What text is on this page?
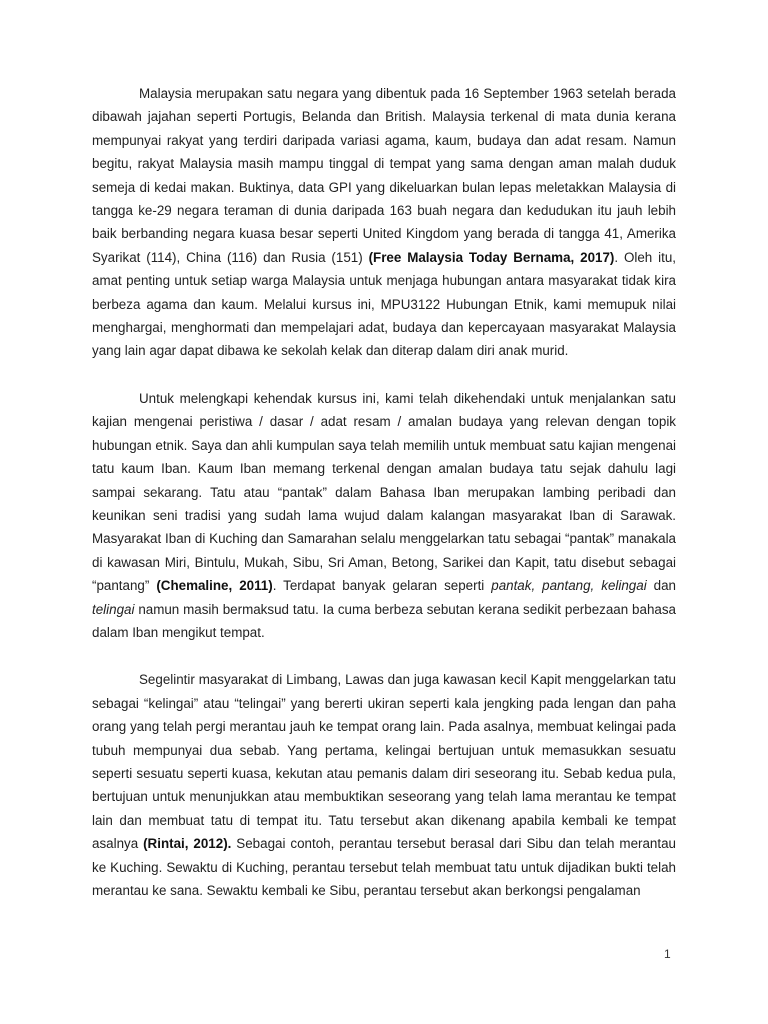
Malaysia merupakan satu negara yang dibentuk pada 16 September 1963 setelah berada dibawah jajahan seperti Portugis, Belanda dan British. Malaysia terkenal di mata dunia kerana mempunyai rakyat yang terdiri daripada variasi agama, kaum, budaya dan adat resam. Namun begitu, rakyat Malaysia masih mampu tinggal di tempat yang sama dengan aman malah duduk semeja di kedai makan. Buktinya, data GPI yang dikeluarkan bulan lepas meletakkan Malaysia di tangga ke-29 negara teraman di dunia daripada 163 buah negara dan kedudukan itu jauh lebih baik berbanding negara kuasa besar seperti United Kingdom yang berada di tangga 41, Amerika Syarikat (114), China (116) dan Rusia (151) (Free Malaysia Today Bernama, 2017). Oleh itu, amat penting untuk setiap warga Malaysia untuk menjaga hubungan antara masyarakat tidak kira berbeza agama dan kaum. Melalui kursus ini, MPU3122 Hubungan Etnik, kami memupuk nilai menghargai, menghormati dan mempelajari adat, budaya dan kepercayaan masyarakat Malaysia yang lain agar dapat dibawa ke sekolah kelak dan diterap dalam diri anak murid.

Untuk melengkapi kehendak kursus ini, kami telah dikehendaki untuk menjalankan satu kajian mengenai peristiwa / dasar / adat resam / amalan budaya yang relevan dengan topik hubungan etnik. Saya dan ahli kumpulan saya telah memilih untuk membuat satu kajian mengenai tatu kaum Iban. Kaum Iban memang terkenal dengan amalan budaya tatu sejak dahulu lagi sampai sekarang. Tatu atau “pantak” dalam Bahasa Iban merupakan lambing peribadi dan keunikan seni tradisi yang sudah lama wujud dalam kalangan masyarakat Iban di Sarawak. Masyarakat Iban di Kuching dan Samarahan selalu menggelarkan tatu sebagai “pantak” manakala di kawasan Miri, Bintulu, Mukah, Sibu, Sri Aman, Betong, Sarikei dan Kapit, tatu disebut sebagai “pantang” (Chemaline, 2011). Terdapat banyak gelaran seperti pantak, pantang, kelingai dan telingai namun masih bermaksud tatu. Ia cuma berbeza sebutan kerana sedikit perbezaan bahasa dalam Iban mengikut tempat.

Segelintir masyarakat di Limbang, Lawas dan juga kawasan kecil Kapit menggelarkan tatu sebagai “kelingai” atau “telingai” yang bererti ukiran seperti kala jengking pada lengan dan paha orang yang telah pergi merantau jauh ke tempat orang lain. Pada asalnya, membuat kelingai pada tubuh mempunyai dua sebab. Yang pertama, kelingai bertujuan untuk memasukkan sesuatu seperti sesuatu seperti kuasa, kekutan atau pemanis dalam diri seseorang itu. Sebab kedua pula, bertujuan untuk menunjukkan atau membuktikan seseorang yang telah lama merantau ke tempat lain dan membuat tatu di tempat itu. Tatu tersebut akan dikenang apabila kembali ke tempat asalnya (Rintai, 2012). Sebagai contoh, perantau tersebut berasal dari Sibu dan telah merantau ke Kuching. Sewaktu di Kuching, perantau tersebut telah membuat tatu untuk dijadikan bukti telah merantau ke sana. Sewaktu kembali ke Sibu, perantau tersebut akan berkongsi pengalaman

1
